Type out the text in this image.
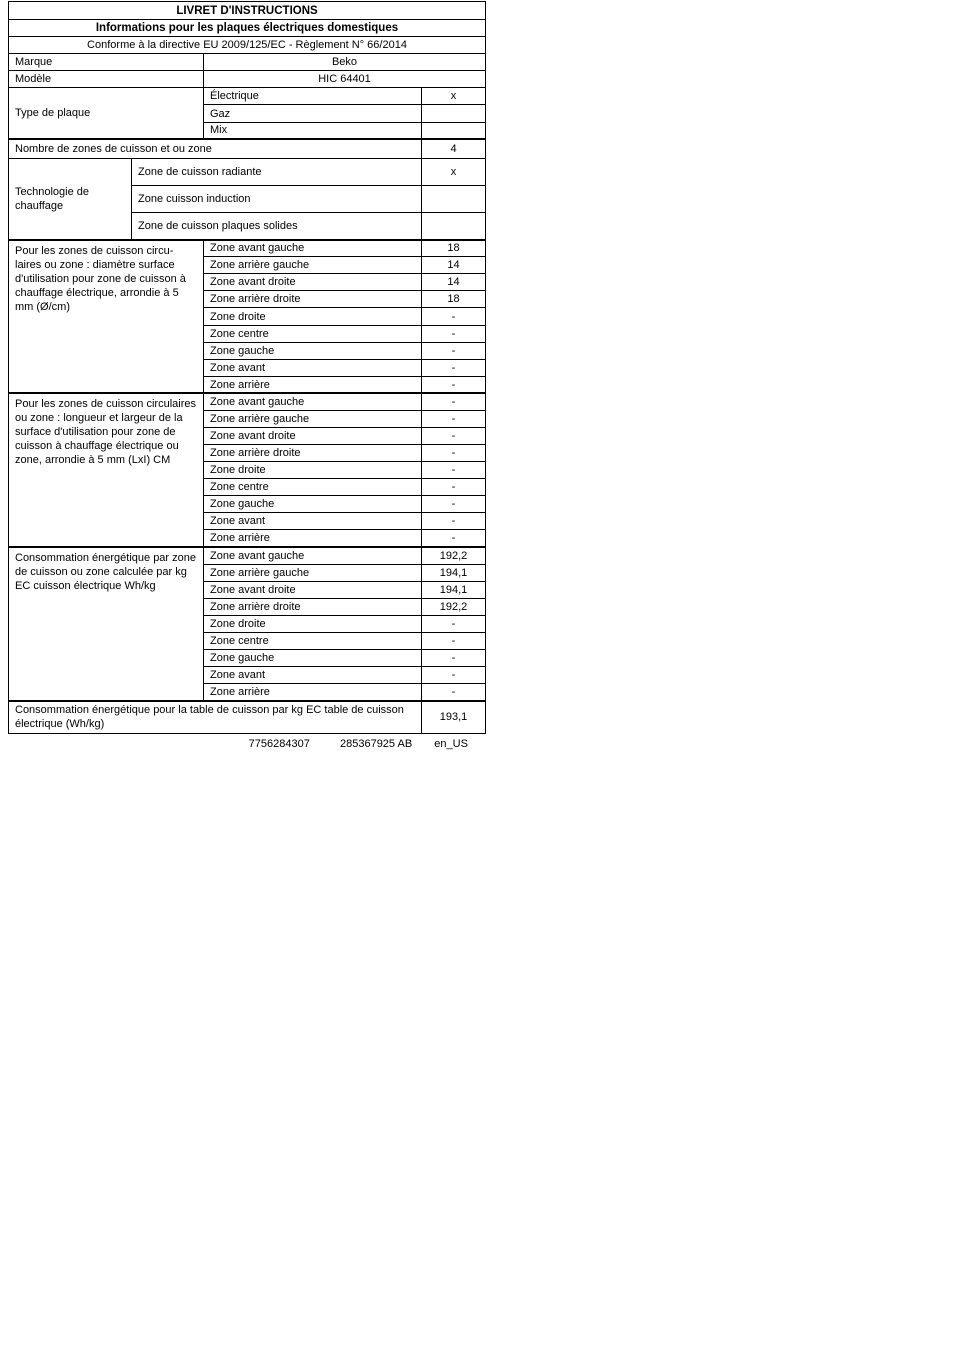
LIVRET D'INSTRUCTIONS			
Informations pour les plaques électriques domestiques			
Conforme à la directive EU 2009/125/EC - Règlement N° 66/2014			
Marque		Beko	
Modèle		HIC 64401	
Type de plaque		Électrique	x
		Gaz	
		Mix	
Nombre de zones de cuisson et ou zone			4
Technologie de chauffage	Zone de cuisson radiante		x
	Zone cuisson induction		
	Zone de cuisson plaques solides		
Pour les zones de cuisson circu-laires ou zone : diamètre surface d'utilisation pour zone de cuisson à chauffage électrique, arrondie à 5 mm (Ø/cm)		Zone avant gauche	18
		Zone arrière gauche	14
		Zone avant droite	14
		Zone arrière droite	18
		Zone droite	-
		Zone centre	-
		Zone gauche	-
		Zone avant	-
		Zone arrière	-
Pour les zones de cuisson circulaires ou zone : longueur et largeur de la surface d'utilisation pour zone de cuisson à chauffage électrique ou zone, arrondie à 5 mm (LxI) CM		Zone avant gauche	-
		Zone arrière gauche	-
		Zone avant droite	-
		Zone arrière droite	-
		Zone droite	-
		Zone centre	-
		Zone gauche	-
		Zone avant	-
		Zone arrière	-
Consommation énergétique par zone de cuisson ou zone calculée par kg EC cuisson électrique Wh/kg		Zone avant gauche	192,2
		Zone arrière gauche	194,1
		Zone avant droite	194,1
		Zone arrière droite	192,2
		Zone droite	-
		Zone centre	-
		Zone gauche	-
		Zone avant	-
		Zone arrière	-
Consommation énergétique pour la table de cuisson par kg EC table de cuisson électrique (Wh/kg)			193,1
7756284307	285367925 AB en_US
